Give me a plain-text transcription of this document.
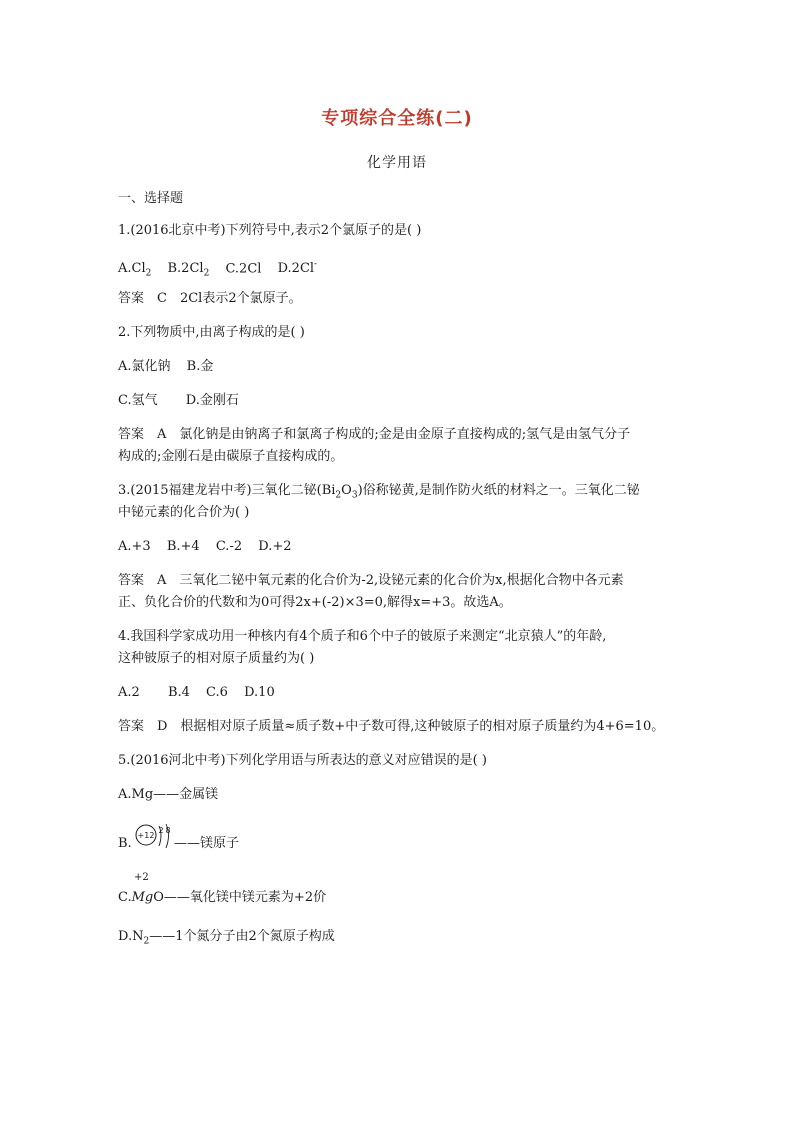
专项综合全练(二)
化学用语
一、选择题
1.(2016北京中考)下列符号中,表示2个氯原子的是( )
$A.Cl_2$ $B.2Cl_2$ C.2Cl D.2Cl-
答案　C　2Cl表示2个氯原子。
2.下列物质中,由离子构成的是( )
A.氯化钠 B.金
C.氢气 D.金刚石
答案　A　氯化钠是由钠离子和氯离子构成的;金是由金原子直接构成的;氢气是由氢气分子
构成的;金刚石是由碳原子直接构成的。
3.(2015福建龙岩中考)三氧化二铋$(Bi_2O_3)$俗称铋黄,是制作防火纸的材料之一。三氧化二铋
中铋元素的化合价为( )
A.+3 B.+4 C.-2 D.+2
答案　A　三氧化二铋中氧元素的化合价为-2,设铋元素的化合价为x,根据化合物中各元素
正、负化合价的代数和为0可得2x+(-2)×3=0,解得x=+3。故选A。
4.我国科学家成功用一种核内有4个质子和6个中子的铍原子来测定“北京猿人”的年龄,
这种铍原子的相对原子质量约为( )
A.2 B.4 C.6 D.10
答案　D　根据相对原子质量≈质子数+中子数可得,这种铍原子的相对原子质量约为4+6=10。
5.(2016河北中考)下列化学用语与所表达的意义对应错误的是( )
A.Mg——金属镁
B.
+12
2 8
——镁原子
+2
C.MgO——氧化镁中镁元素为+2价
$D.N_2——1$个氮分子由2个氮原子构成
